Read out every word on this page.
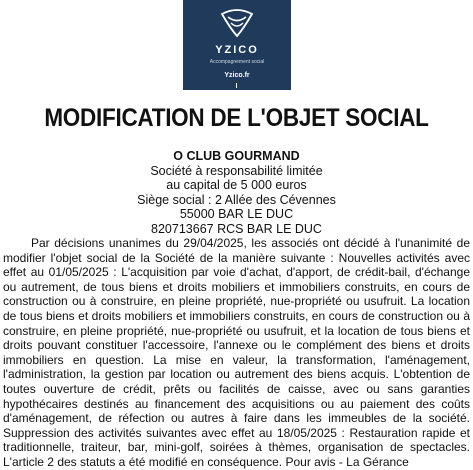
YZICO
Accompagnement social
Yzico.fr
MODIFICATION DE L'OBJET SOCIAL
O CLUB GOURMAND
Société à responsabilité limitée
au capital de 5 000 euros
Siège social : 2 Allée des Cévennes
55000 BAR LE DUC
820713667 RCS BAR LE DUC
Par décisions unanimes du 29/04/2025, les associés ont décidé à l'unanimité de modifier l'objet social de la Société de la manière suivante : Nouvelles activités avec effet au 01/05/2025 : L'acquisition par voie d'achat, d'apport, de crédit-bail, d'échange ou autrement, de tous biens et droits mobiliers et immobiliers construits, en cours de construction ou à construire, en pleine propriété, nue-propriété ou usufruit. La location de tous biens et droits mobiliers et immobiliers construits, en cours de construction ou à construire, en pleine propriété, nue-propriété ou usufruit, et la location de tous biens et droits pouvant constituer l'accessoire, l'annexe ou le complément des biens et droits immobiliers en question. La mise en valeur, la transformation, l'aménagement, l'administration, la gestion par location ou autrement des biens acquis. L'obtention de toutes ouverture de crédit, prêts ou facilités de caisse, avec ou sans garanties hypothécaires destinés au financement des acquisitions ou au paiement des coûts d'aménagement, de réfection ou autres à faire dans les immeubles de la société. Suppression des activités suivantes avec effet au 18/05/2025 : Restauration rapide et traditionnelle, traiteur, bar, mini-golf, soirées à thèmes, organisation de spectacles. L'article 2 des statuts a été modifié en conséquence. Pour avis - La Gérance
